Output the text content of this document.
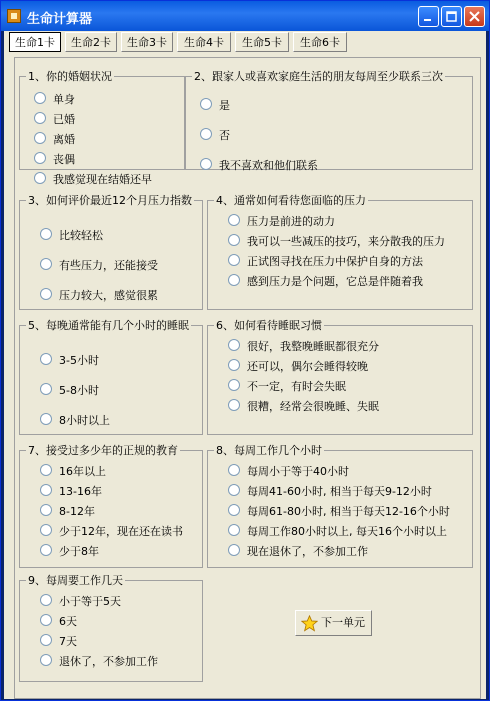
生命计算器
生命1卡	生命2卡	生命3卡	生命4卡	生命5卡	生命6卡
1、你的婚姻状况
单身
已婚
离婚
丧偶
我感觉现在结婚还早
2、跟家人或喜欢家庭生活的朋友每周至少联系三次
是
否
我不喜欢和他们联系
3、如何评价最近12个月压力指数
比较轻松
有些压力，还能接受
压力较大，感觉很累
4、通常如何看待您面临的压力
压力是前进的动力
我可以一些减压的技巧，来分散我的压力
正试图寻找在压力中保护自身的方法
感到压力是个问题，它总是伴随着我
5、每晚通常能有几个小时的睡眠
3-5小时
5-8小时
8小时以上
6、如何看待睡眠习惯
很好，我整晚睡眠都很充分
还可以，偶尔会睡得较晚
不一定，有时会失眠
很糟，经常会很晚睡、失眠
7、接受过多少年的正规的教育
16年以上
13-16年
8-12年
少于12年，现在还在读书
少于8年
8、每周工作几个小时
每周小于等于40小时
每周41-60小时, 相当于每天9-12小时
每周61-80小时, 相当于每天12-16个小时
每周工作80小时以上, 每天16个小时以上
现在退休了，不参加工作
9、每周要工作几天
小于等于5天
6天
7天
退休了，不参加工作
下一单元
